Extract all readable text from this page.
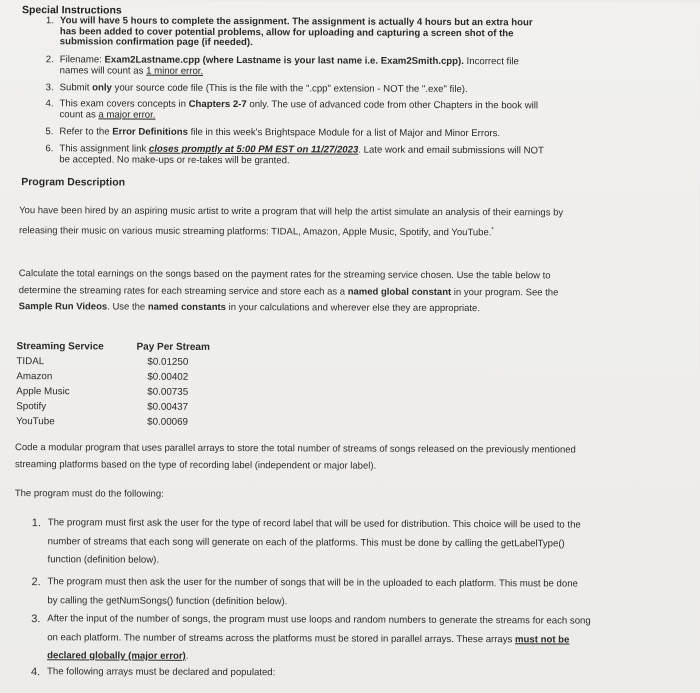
Special Instructions
1. You will have 5 hours to complete the assignment. The assignment is actually 4 hours but an extra hour
has been added to cover potential problems, allow for uploading and capturing a screen shot of the
submission confirmation page (if needed).
2. Filename: Exam2Lastname.cpp (where Lastname is your last name i.e. Exam2Smith.cpp). Incorrect file
names will count as 1 minor error.
3. Submit only your source code file (This is the file with the ".cpp" extension - NOT the ".exe" file).
4. This exam covers concepts in Chapters 2-7 only. The use of advanced code from other Chapters in the book will
count as a major error.
5. Refer to the Error Definitions file in this week's Brightspace Module for a list of Major and Minor Errors.
6. This assignment link closes promptly at 5:00 PM EST on 11/27/2023. Late work and email submissions will NOT
be accepted. No make-ups or re-takes will be granted.
Program Description
You have been hired by an aspiring music artist to write a program that will help the artist simulate an analysis of their earnings by releasing their music on various music streaming platforms: TIDAL, Amazon, Apple Music, Spotify, and YouTube.*
Calculate the total earnings on the songs based on the payment rates for the streaming service chosen. Use the table below to determine the streaming rates for each streaming service and store each as a named global constant in your program. See the Sample Run Videos. Use the named constants in your calculations and wherever else they are appropriate.
Streaming Service	Pay Per Stream
TIDAL	$0.01250
Amazon	$0.00402
Apple Music	$0.00735
Spotify	$0.00437
YouTube	$0.00069
Code a modular program that uses parallel arrays to store the total number of streams of songs released on the previously mentioned streaming platforms based on the type of recording label (independent or major label).
The program must do the following:
1. The program must first ask the user for the type of record label that will be used for distribution. This choice will be used to the number of streams that each song will generate on each of the platforms. This must be done by calling the getLabelType() function (definition below).
2. The program must then ask the user for the number of songs that will be in the uploaded to each platform. This must be done by calling the getNumSongs() function (definition below).
3. After the input of the number of songs, the program must use loops and random numbers to generate the streams for each song on each platform. The number of streams across the platforms must be stored in parallel arrays. These arrays must not be declared globally (major error).
4. The following arrays must be declared and populated:
